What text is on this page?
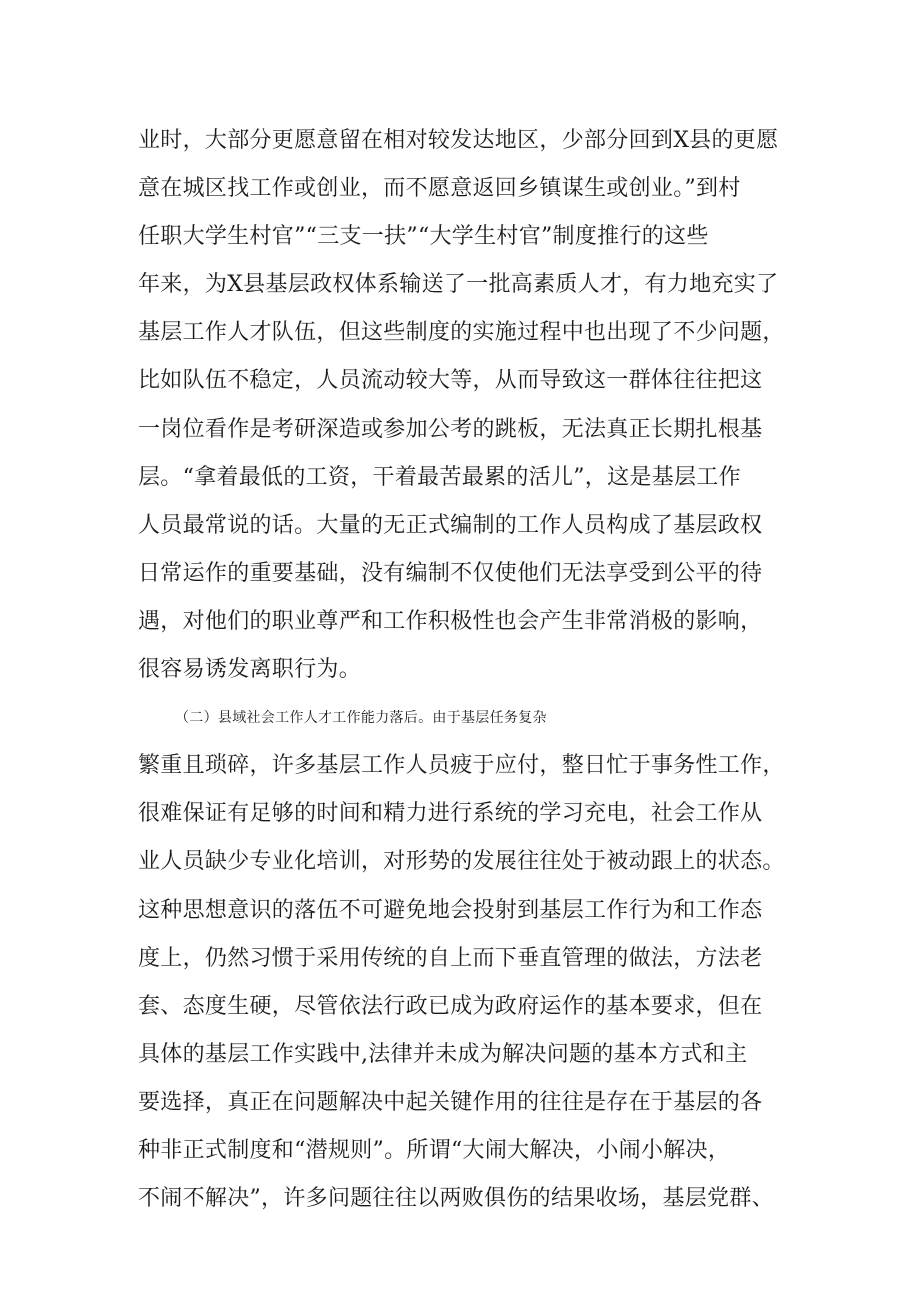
业时，大部分更愿意留在相对较发达地区，少部分回到X县的更愿
意在城区找工作或创业，而不愿意返回乡镇谋生或创业。”到村
任职大学生村官”“三支一扶”“大学生村官”制度推行的这些
年来，为X县基层政权体系输送了一批高素质人才，有力地充实了
基层工作人才队伍，但这些制度的实施过程中也出现了不少问题，
比如队伍不稳定，人员流动较大等，从而导致这一群体往往把这
一岗位看作是考研深造或参加公考的跳板，无法真正长期扎根基
层。“拿着最低的工资，干着最苦最累的活儿”，这是基层工作
人员最常说的话。大量的无正式编制的工作人员构成了基层政权
日常运作的重要基础，没有编制不仅使他们无法享受到公平的待
遇，对他们的职业尊严和工作积极性也会产生非常消极的影响，
很容易诱发离职行为。
（二）县域社会工作人才工作能力落后。由于基层任务复杂
繁重且琐碎，许多基层工作人员疲于应付，整日忙于事务性工作，
很难保证有足够的时间和精力进行系统的学习充电，社会工作从
业人员缺少专业化培训，对形势的发展往往处于被动跟上的状态。
这种思想意识的落伍不可避免地会投射到基层工作行为和工作态
度上，仍然习惯于采用传统的自上而下垂直管理的做法，方法老
套、态度生硬，尽管依法行政已成为政府运作的基本要求，但在
具体的基层工作实践中,法律并未成为解决问题的基本方式和主
要选择，真正在问题解决中起关键作用的往往是存在于基层的各
种非正式制度和“潜规则”。所谓“大闹大解决，小闹小解决，
不闹不解决”，许多问题往往以两败俱伤的结果收场，基层党群、
